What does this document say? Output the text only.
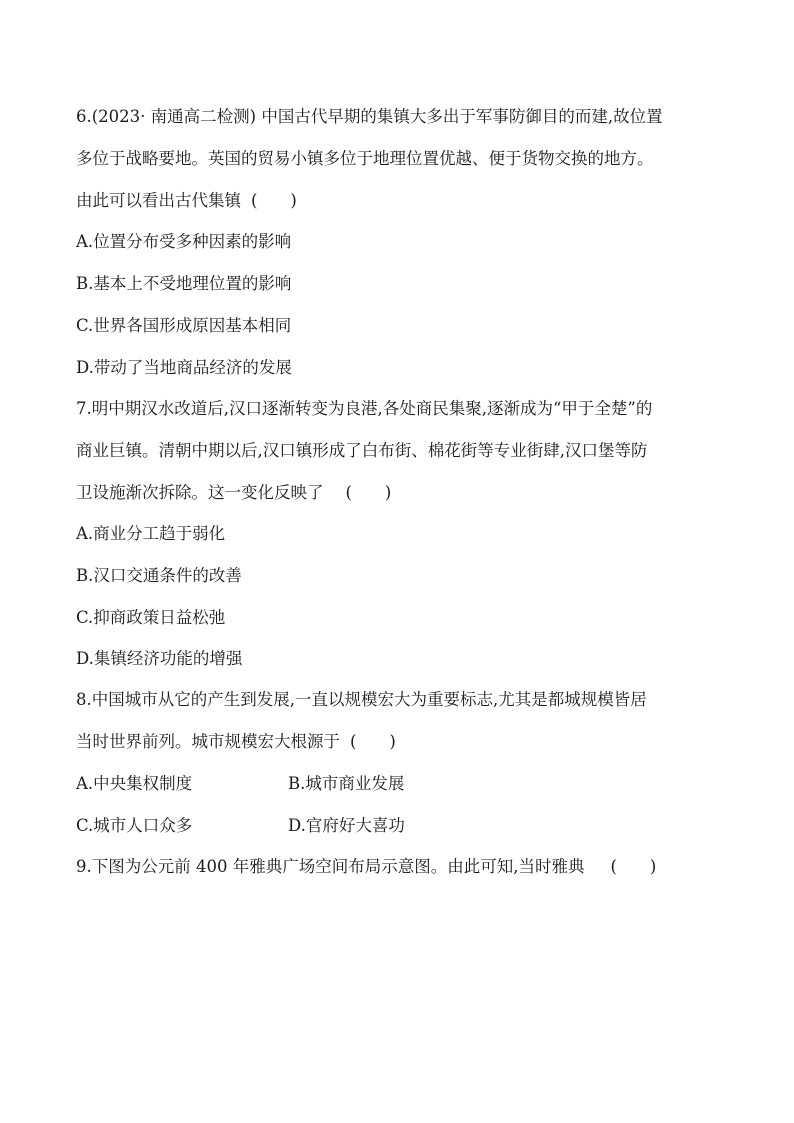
6.(2023· 南通高二检测) 中国古代早期的集镇大多出于军事防御目的而建,故位置
多位于战略要地。英国的贸易小镇多位于地理位置优越、便于货物交换的地方。
由此可以看出古代集镇 (　　)
A.位置分布受多种因素的影响
B.基本上不受地理位置的影响
C.世界各国形成原因基本相同
D.带动了当地商品经济的发展
7.明中期汉水改道后,汉口逐渐转变为良港,各处商民集聚,逐渐成为“甲于全楚”的
商业巨镇。清朝中期以后,汉口镇形成了白布街、棉花街等专业街肆,汉口堡等防
卫设施渐次拆除。这一变化反映了 (　　)
A.商业分工趋于弱化
B.汉口交通条件的改善
C.抑商政策日益松弛
D.集镇经济功能的增强
8.中国城市从它的产生到发展,一直以规模宏大为重要标志,尤其是都城规模皆居
当时世界前列。城市规模宏大根源于 (　　)
A.中央集权制度	B.城市商业发展
C.城市人口众多	D.官府好大喜功
9.下图为公元前 400 年雅典广场空间布局示意图。由此可知,当时雅典 (　　)
